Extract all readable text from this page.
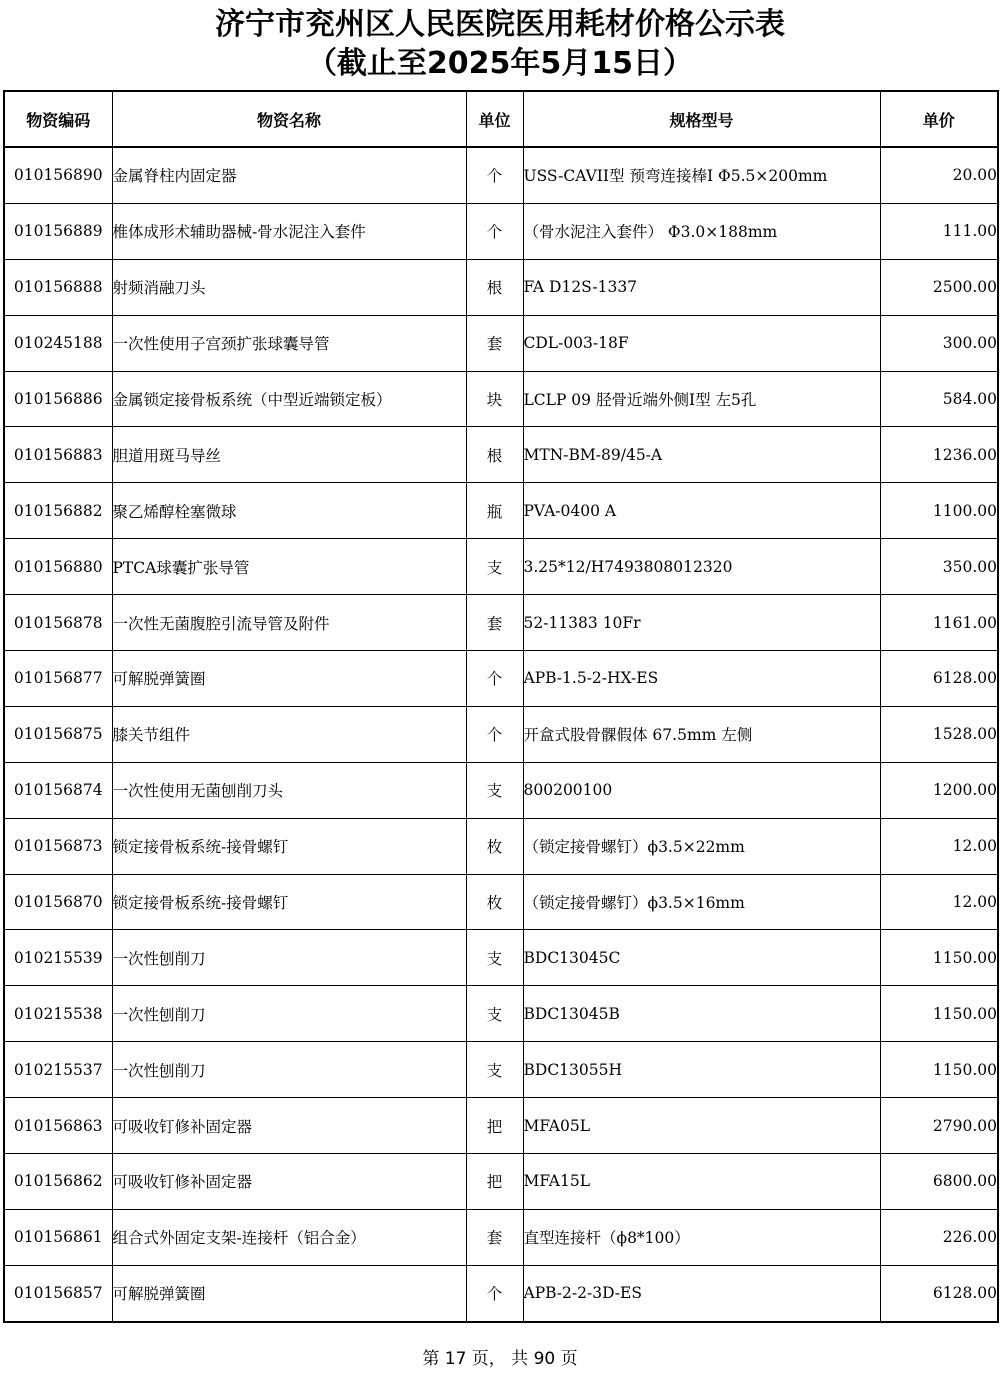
济宁市兖州区人民医院医用耗材价格公示表
（截止至2025年5月15日）
物资编码	物资名称	单位	规格型号	单价
010156890	金属脊柱内固定器	个	USS-CAVII型 预弯连接棒I Φ5.5×200mm	20.00
010156889	椎体成形术辅助器械-骨水泥注入套件	个	（骨水泥注入套件） Φ3.0×188mm	111.00
010156888	射频消融刀头	根	FA D12S-1337	2500.00
010245188	一次性使用子宫颈扩张球囊导管	套	CDL-003-18F	300.00
010156886	金属锁定接骨板系统（中型近端锁定板）	块	LCLP 09 胫骨近端外侧Ⅰ型 左5孔	584.00
010156883	胆道用斑马导丝	根	MTN-BM-89/45-A	1236.00
010156882	聚乙烯醇栓塞微球	瓶	PVA-0400 A	1100.00
010156880	PTCA球囊扩张导管	支	3.25*12/H7493808012320	350.00
010156878	一次性无菌腹腔引流导管及附件	套	52-11383 10Fr	1161.00
010156877	可解脱弹簧圈	个	APB-1.5-2-HX-ES	6128.00
010156875	膝关节组件	个	开盒式股骨髁假体 67.5mm 左侧	1528.00
010156874	一次性使用无菌刨削刀头	支	800200100	1200.00
010156873	锁定接骨板系统-接骨螺钉	枚	（锁定接骨螺钉）ϕ3.5×22mm	12.00
010156870	锁定接骨板系统-接骨螺钉	枚	（锁定接骨螺钉）ϕ3.5×16mm	12.00
010215539	一次性刨削刀	支	BDC13045C	1150.00
010215538	一次性刨削刀	支	BDC13045B	1150.00
010215537	一次性刨削刀	支	BDC13055H	1150.00
010156863	可吸收钉修补固定器	把	MFA05L	2790.00
010156862	可吸收钉修补固定器	把	MFA15L	6800.00
010156861	组合式外固定支架-连接杆（铝合金）	套	直型连接杆（ϕ8*100）	226.00
010156857	可解脱弹簧圈	个	APB-2-2-3D-ES	6128.00
第 17 页， 共 90 页
